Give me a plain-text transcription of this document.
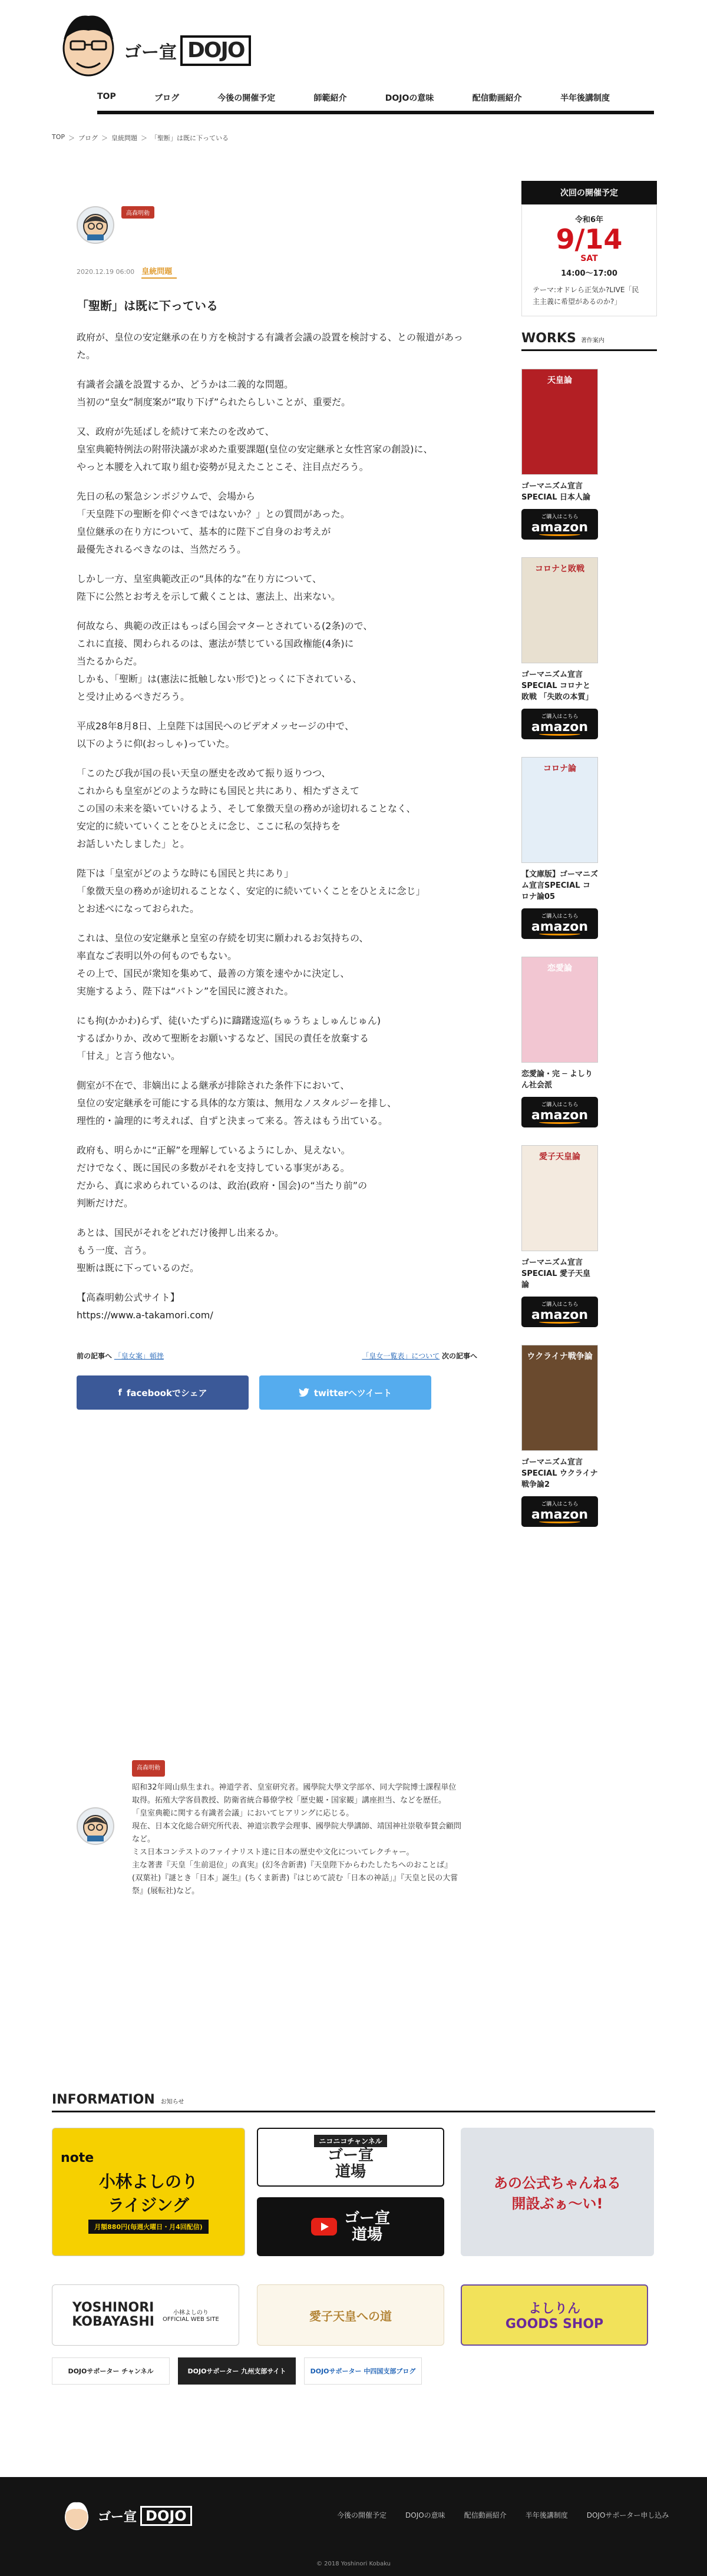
ゴー宣 DOJO
TOP	ブログ	今後の開催予定	師範紹介	DOJOの意味	配信動画紹介	半年後講制度
TOP ＞ ブログ ＞ 皇統問題 ＞ 「聖断」は既に下っている
高森明勅
2020.12.19 06:00 皇統問題
「聖断」は既に下っている

政府が、皇位の安定継承の在り方を検討する有識者会議の設置を検討する、との報道があった。

有識者会議を設置するか、どうかは二義的な問題。
当初の“皇女”制度案が“取り下げ”られたらしいことが、重要だ。

又、政府が先延ばしを続けて来たのを改めて、
皇室典範特例法の附帯決議が求めた重要課題(皇位の安定継承と女性宮家の創設)に、
やっと本腰を入れて取り組む姿勢が見えたことこそ、注目点だろう。

先日の私の緊急シンポジウムで、会場から
「天皇陛下の聖断を仰ぐべきではないか？」との質問があった。
皇位継承の在り方について、基本的に陛下ご自身のお考えが
最優先されるべきなのは、当然だろう。

しかし一方、皇室典範改正の“具体的な”在り方について、
陛下に公然とお考えを示して戴くことは、憲法上、出来ない。

何故なら、典範の改正はもっぱら国会マターとされている(2条)ので、
これに直接、関わられるのは、憲法が禁じている国政権能(4条)に
当たるからだ。
しかも、「聖断」は(憲法に抵触しない形で)とっくに下されている、
と受け止めるべきだろう。

平成28年8月8日、上皇陛下は国民へのビデオメッセージの中で、
以下のように仰(おっしゃ)っていた。

「このたび我が国の長い天皇の歴史を改めて振り返りつつ、
これからも皇室がどのような時にも国民と共にあり、相たずさえて
この国の未来を築いていけるよう、そして象徴天皇の務めが途切れることなく、
安定的に続いていくことをひとえに念じ、ここに私の気持ちを
お話しいたしました」と。

陛下は「皇室がどのような時にも国民と共にあり」
「象徴天皇の務めが途切れることなく、安定的に続いていくことをひとえに念じ」
とお述べになっておられた。

これは、皇位の安定継承と皇室の存続を切実に願われるお気持ちの、
率直なご表明以外の何ものでもない。
その上で、国民が衆知を集めて、最善の方策を速やかに決定し、
実施するよう、陛下は“バトン”を国民に渡された。

にも拘(かかわ)らず、徒(いたずら)に躊躇逡巡(ちゅうちょしゅんじゅん)
するばかりか、改めて聖断をお願いするなど、国民の責任を放棄する
「甘え」と言う他ない。

側室が不在で、非嫡出による継承が排除された条件下において、
皇位の安定継承を可能にする具体的な方策は、無用なノスタルジーを排し、
理性的・論理的に考えれば、自ずと決まって来る。答えはもう出ている。

政府も、明らかに“正解”を理解しているようにしか、見えない。
だけでなく、既に国民の多数がそれを支持している事実がある。
だから、真に求められているのは、政治(政府・国会)の“当たり前”の
判断だけだ。

あとは、国民がそれをどれだけ後押し出来るか。
もう一度、言う。
聖断は既に下っているのだ。

【高森明勅公式サイト】
https://www.a-takamori.com/

前の記事へ 「皇女案」頓挫	「皇女一覧表」について 次の記事へ
f facebookでシェア	twitterへツイート
高森明勅

昭和32年岡山県生まれ。神道学者、皇室研究者。國學院大學文学部卒、同大学院博士課程単位取得。拓殖大学客員教授、防衛省統合幕僚学校「歴史観・国家観」講座担当、などを歴任。
「皇室典範に関する有識者会議」においてヒアリングに応じる。
現在、日本文化総合研究所代表、神道宗教学会理事、國學院大學講師、靖国神社崇敬奉賛会顧問など。
ミス日本コンテストのファイナリスト達に日本の歴史や文化についてレクチャー。
主な著書『天皇「生前退位」の真実』(幻冬舎新書)『天皇陛下からわたしたちへのおことば』(双葉社)『謎とき「日本」誕生』(ちくま新書)『はじめて読む「日本の神話」』『天皇と民の大嘗祭』(展転社)など。

次回の開催予定
令和6年
9/14
SAT
14:00〜17:00
テーマ:オドレら正気か?LIVE「民主主義に希望があるのか?」
WORKS 著作案内
天皇論
ゴーマニズム宣言SPECIAL 日本人論
ご購入はこちら
amazon
コロナと敗戦
ゴーマニズム宣言SPECIAL コロナと敗戦 「失敗の本質」
ご購入はこちら
amazon
コロナ論
【文庫版】ゴーマニズム宣言SPECIAL コロナ論05
ご購入はこちら
amazon
恋愛論
恋愛論・完 ─ よしりん社会派
ご購入はこちら
amazon
愛子天皇論
ゴーマニズム宣言SPECIAL 愛子天皇論
ご購入はこちら
amazon
ウクライナ戦争論
ゴーマニズム宣言SPECIAL ウクライナ戦争論2
ご購入はこちら
amazon
INFORMATION お知らせ
note
小林よしのり
ライジング
月額880円(毎週火曜日・月4回配信)
ニコニコチャンネル
ゴー宣
道場
ゴー宣
道場
あの公式ちゃんねる
開設ぶぁ〜い!
YOSHINORI
KOBAYASHI
小林よしのり
OFFICIAL WEB SITE	愛子天皇への道	よしりん
GOODS SHOP
DOJOサポーター チャンネル	DOJOサポーター 九州支部サイト	DOJOサポーター 中四国支部ブログ
ゴー宣 DOJO	今後の開催予定	DOJOの意味	配信動画紹介	半年後講制度	DOJOサポーター申し込み
© 2018 Yoshinori Kobaku
